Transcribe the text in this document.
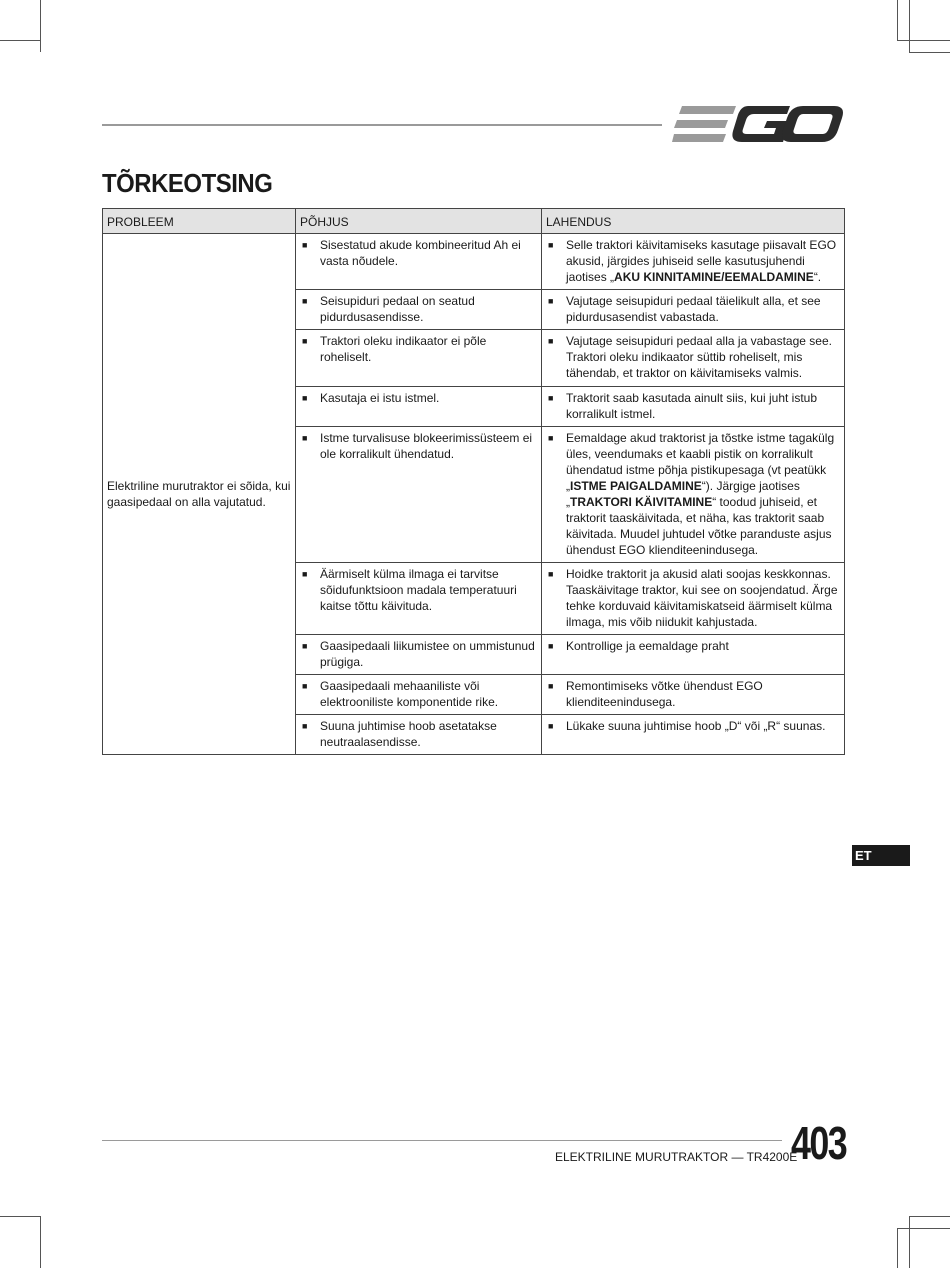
TÕRKEOTSING
PROBLEEM	PÕHJUS	LAHENDUS
Elektriline murutraktor ei sõida, kui gaasipedaal on alla vajutatud.	■ Sisestatud akude kombineeritud Ah ei vasta nõudele.	■ Selle traktori käivitamiseks kasutage piisavalt EGO akusid, järgides juhiseid selle kasutusjuhendi jaotises „AKU KINNITAMINE/EEMALDAMINE“.

	■ Seisupiduri pedaal on seatud pidurdusasendisse.	■ Vajutage seisupiduri pedaal täielikult alla, et see pidurdusasendist vabastada.

	■ Traktori oleku indikaator ei põle roheliselt.	■ Vajutage seisupiduri pedaal alla ja vabastage see. Traktori oleku indikaator süttib roheliselt, mis tähendab, et traktor on käivitamiseks valmis.

	■ Kasutaja ei istu istmel.	■ Traktorit saab kasutada ainult siis, kui juht istub korralikult istmel.

	■ Istme turvalisuse blokeerimissüsteem ei ole korralikult ühendatud.	■ Eemaldage akud traktorist ja tõstke istme tagakülg üles, veendumaks et kaabli pistik on korralikult ühendatud istme põhja pistikupesaga (vt peatükk „ISTME PAIGALDAMINE“). Järgige jaotises „TRAKTORI KÄIVITAMINE“ toodud juhiseid, et traktorit taaskäivitada, et näha, kas traktorit saab käivitada. Muudel juhtudel võtke paranduste asjus ühendust EGO klienditeenindusega.

	■ Äärmiselt külma ilmaga ei tarvitse sõidufunktsioon madala temperatuuri kaitse tõttu käivituda.	■ Hoidke traktorit ja akusid alati soojas keskkonnas. Taaskäivitage traktor, kui see on soojendatud. Ärge tehke korduvaid käivitamiskatseid äärmiselt külma ilmaga, mis võib niidukit kahjustada.

	■ Gaasipedaali liikumistee on ummistunud prügiga.	■ Kontrollige ja eemaldage praht

	■ Gaasipedaali mehaaniliste või elektrooniliste komponentide rike.	■ Remontimiseks võtke ühendust EGO klienditeenindusega.

	■ Suuna juhtimise hoob asetatakse neutraalasendisse.	■ Lükake suuna juhtimise hoob „D“ või „R“ suunas.
ET
ELEKTRILINE MURUTRAKTOR — TR4200E
403
